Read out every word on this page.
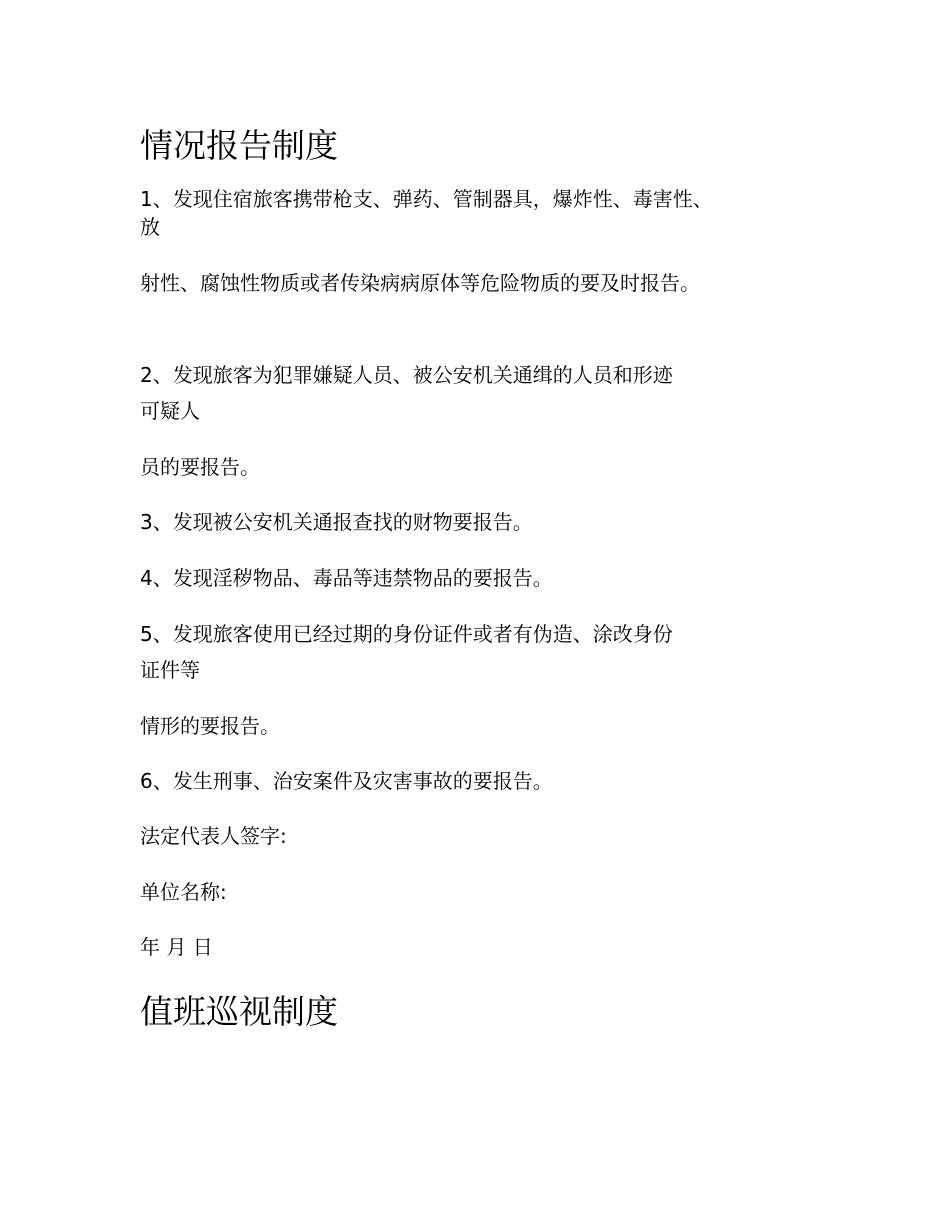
情况报告制度

1、发现住宿旅客携带枪支、弹药、管制器具，爆炸性、毒害性、

放

射性、腐蚀性物质或者传染病病原体等危险物质的要及时报告。

2、发现旅客为犯罪嫌疑人员、被公安机关通缉的人员和形迹

可疑人

员的要报告。

3、发现被公安机关通报查找的财物要报告。

4、发现淫秽物品、毒品等违禁物品的要报告。

5、发现旅客使用已经过期的身份证件或者有伪造、涂改身份

证件等

情形的要报告。

6、发生刑事、治安案件及灾害事故的要报告。

法定代表人签字:

单位名称:

年 月 日

值班巡视制度
